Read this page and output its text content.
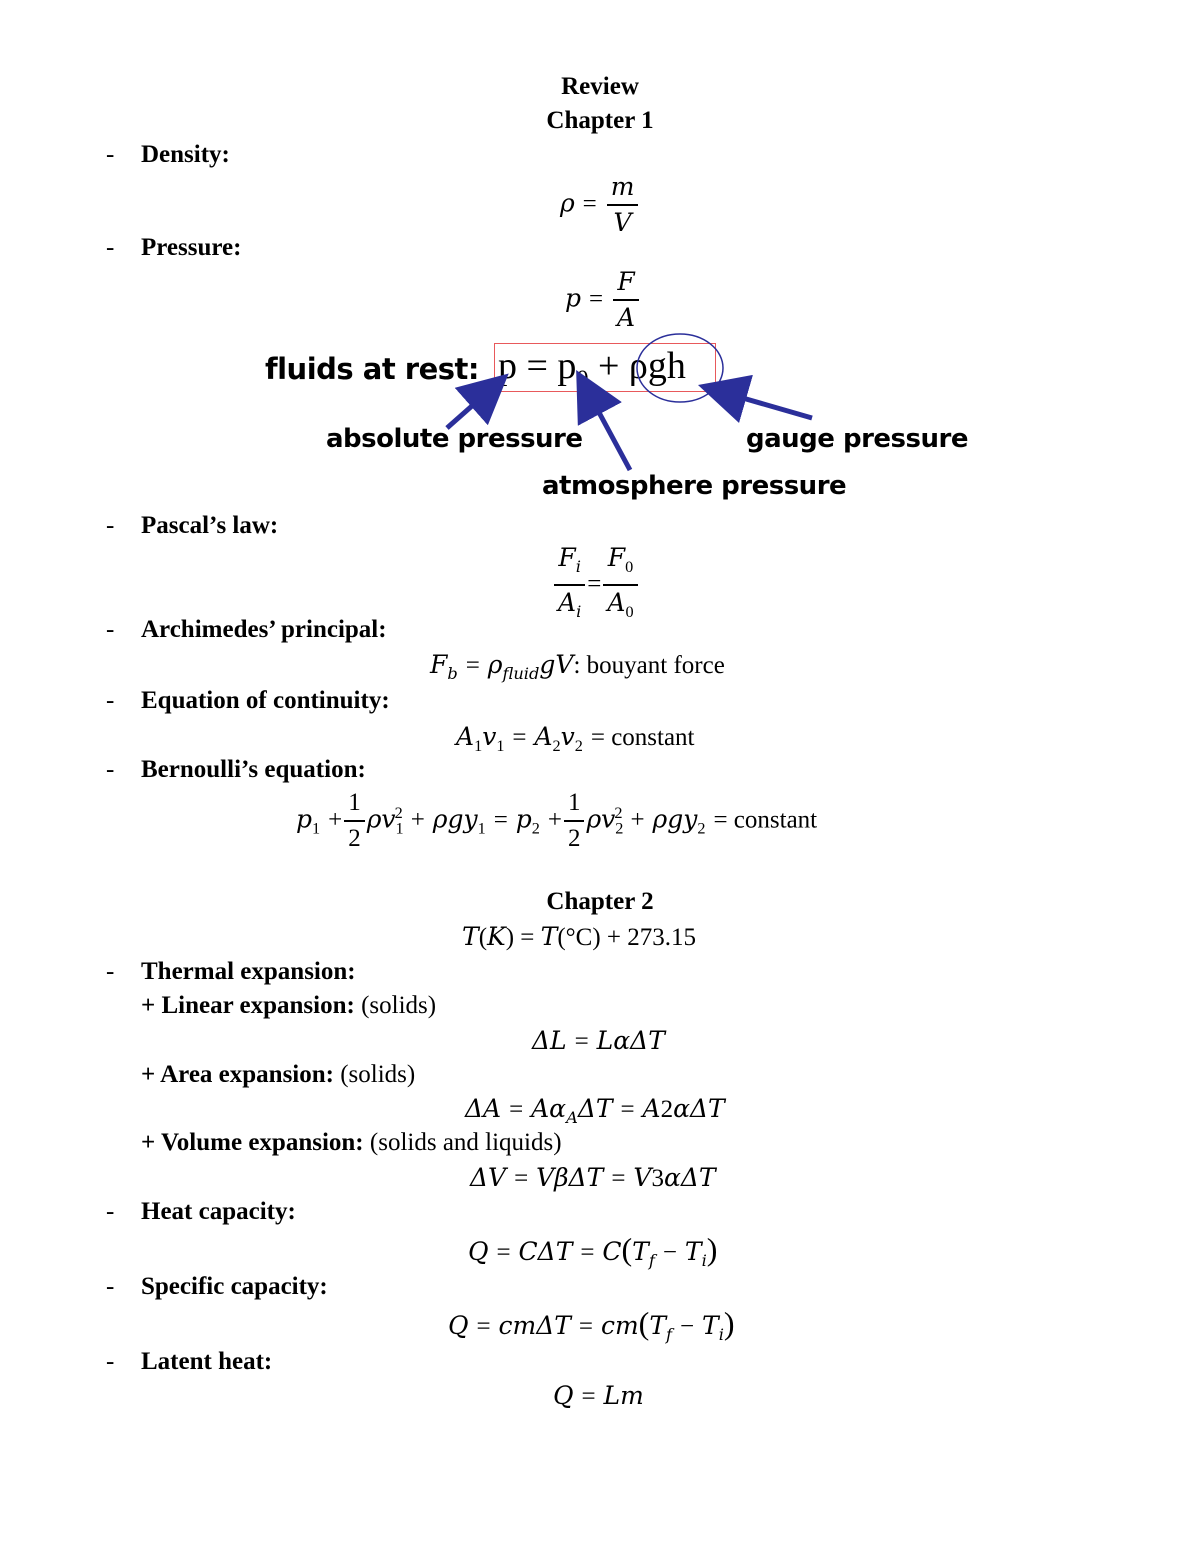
Review
Chapter 1
- Density:
$\rho = \frac{m}{V}$
- Pressure:
$p = \frac{F}{A}$
fluids at rest: $p = p_0 + \rho gh$
absolute pressure	gauge pressure
atmosphere pressure
- Pascal’s law:
$\frac{F_i}{A_i} = \frac{F_0}{A_0}$
- Archimedes’ principal:
$F_b = \rho_{fluid}gV$: bouyant force
- Equation of continuity:
$A_1v_1 = A_2v_2$ = constant
- Bernoulli’s equation:
$p_1 + \frac{1}{2} \rho v_1^2 + \rho gy_1 = p_2 + \frac{1}{2} \rho v_2^2 + \rho gy_2$ = constant
Chapter 2
T(K) = T(°C) + 273.15
- Thermal expansion:
+ Linear expansion: (solids)
ΔL = LαΔT
+ Area expansion: (solids)
$\Delta A = A\alpha_A\Delta T = A2\alpha\Delta T$
+ Volume expansion: (solids and liquids)
ΔV = VβΔT = V3αΔT
- Heat capacity:
$Q = C\Delta T = C(T_f - T_i)$
- Specific capacity:
$Q = cm\Delta T = cm(T_f - T_i)$
- Latent heat:
Q = Lm
